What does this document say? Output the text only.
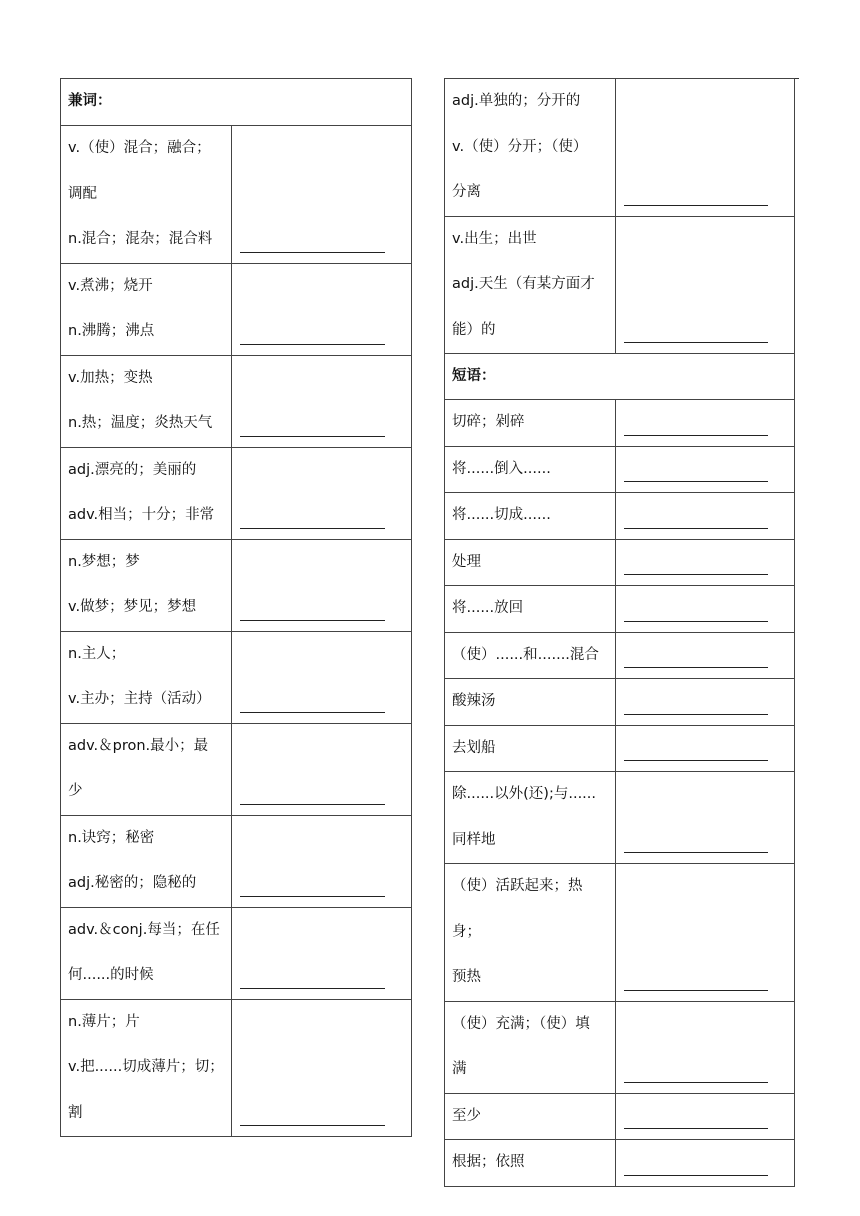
兼词：	

v.（使）混合；融合；
调配
n.混合；混杂；混合料	

v.煮沸；烧开
n.沸腾；沸点	

v.加热；变热
n.热；温度；炎热天气	

adj.漂亮的；美丽的
adv.相当；十分；非常	

n.梦想；梦
v.做梦；梦见；梦想	

n.主人；
v.主办；主持（活动）	

adv.＆pron.最小；最
少	

n.诀窍；秘密
adj.秘密的；隐秘的	

adv.＆conj.每当；在任
何......的时候	

n.薄片；片
v.把......切成薄片；切；
割	

adj.单独的；分开的
v.（使）分开；（使）
分离	

v.出生；出世
adj.天生（有某方面才
能）的	

短语：	

切碎；剁碎	

将......倒入......	

将......切成......	

处理	

将......放回	

（使）......和.......混合	

酸辣汤	

去划船	

除......以外(还);与......
同样地	

（使）活跃起来；热身；
预热	

（使）充满；（使）填
满	

至少	

根据；依照	
